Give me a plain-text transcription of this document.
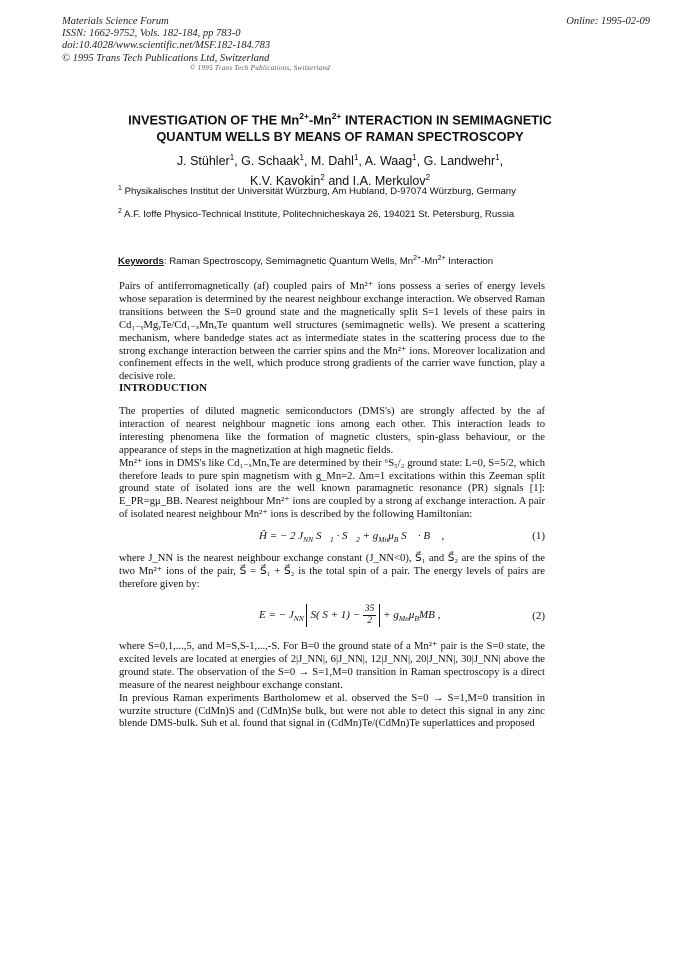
Materials Science Forum
ISSN: 1662-9752, Vols. 182-184, pp 783-0
doi:10.4028/www.scientific.net/MSF.182-184.783
© 1995 Trans Tech Publications Ltd, Switzerland
Online: 1995-02-09
© 1995 Trans Tech Publications, Switzerland
INVESTIGATION OF THE $Mn^{2+}-Mn^{2+}$ INTERACTION IN SEMIMAGNETIC
QUANTUM WELLS BY MEANS OF RAMAN SPECTROSCOPY
J. Stühler$^1$, G. Schaak$^1$, M. Dahl$^1$, A. Waag$^1$, G. Landwehr$^1$,
K.V. Kavokin$^2$ and I.A. Merkulov$^2$
$^1$ Physikalisches Institut der Universität Würzburg, Am Hubland, D-97074 Würzburg, Germany
$^2$ A.F. Ioffe Physico-Technical Institute, Politechnicheskaya 26, 194021 St. Petersburg, Russia
Keywords: Raman Spectroscopy, Semimagnetic Quantum Wells, $Mn^{2+}-Mn^{2+}$ Interaction

Pairs of antiferromagnetically (af) coupled pairs of Mn²⁺ ions possess a series of energy levels whose separation is determined by the nearest neighbour exchange interaction. We observed Raman transitions between the S=0 ground state and the magnetically split S=1 levels of these pairs in Cd₁₋ᵧMgᵧTe/Cd₁₋ₓMnₓTe quantum well structures (semimagnetic wells). We present a scattering mechanism, where bandedge states act as intermediate states in the scattering process due to the strong exchange interaction between the carrier spins and the Mn²⁺ ions. Moreover localization and confinement effects in the well, which produce strong gradients of the carrier wave function, play a decisive role.

INTRODUCTION

The properties of diluted magnetic semiconductors (DMS's) are strongly affected by the af interaction of nearest neighbour magnetic ions among each other. This interaction leads to interesting phenomena like the formation of magnetic clusters, spin-glass behaviour, or the appearance of steps in the magnetization at high magnetic fields.

Mn²⁺ ions in DMS's like Cd₁₋ₓMnₓTe are determined by their ⁶S₅/₂ ground state: L=0, S=5/2, which therefore leads to pure spin magnetism with g_Mn=2. Δm=1 excitations within this Zeeman split ground state of isolated ions are the well known paramagnetic resonance (PR) signals [1]: E_PR=gμ_BB. Nearest neighbour Mn²⁺ ions are coupled by a strong af exchange interaction. A pair of isolated nearest neighbour Mn²⁺ ions is described by the following Hamiltonian:

Ĥ = − 2 $J_{NN}$ $S⃗_1$ · $S⃗_2 + g_{Mn}\mu_B$ S⃗ · B⃗ ,	(1)

where J_NN is the nearest neighbour exchange constant (J_NN<0), S⃗₁ and S⃗₂ are the spins of the two Mn²⁺ ions of the pair, S⃗ = S⃗₁ + S⃗₂ is the total spin of a pair. The energy levels of pairs are therefore given by:

E = − $J_{NN}$ S( $S + 1) - \frac{35}{2} + g_{Mn}\mu_BMB$ ,	(2)

where S=0,1,...,5, and M=S,S-1,...,-S. For B=0 the ground state of a Mn²⁺ pair is the S=0 state, the excited levels are located at energies of 2|J_NN|, 6|J_NN|, 12|J_NN|, 20|J_NN|, 30|J_NN| above the ground state. The observation of the S=0 → S=1,M=0 transition in Raman spectroscopy is a direct measure of the nearest neighbour exchange constant.

In previous Raman experiments Bartholomew et al. observed the S=0 → S=1,M=0 transition in wurzite structure (CdMn)S and (CdMn)Se bulk, but were not able to detect this signal in any zinc blende DMS-bulk. Suh et al. found that signal in (CdMn)Te/(CdMn)Te superlattices and proposed
